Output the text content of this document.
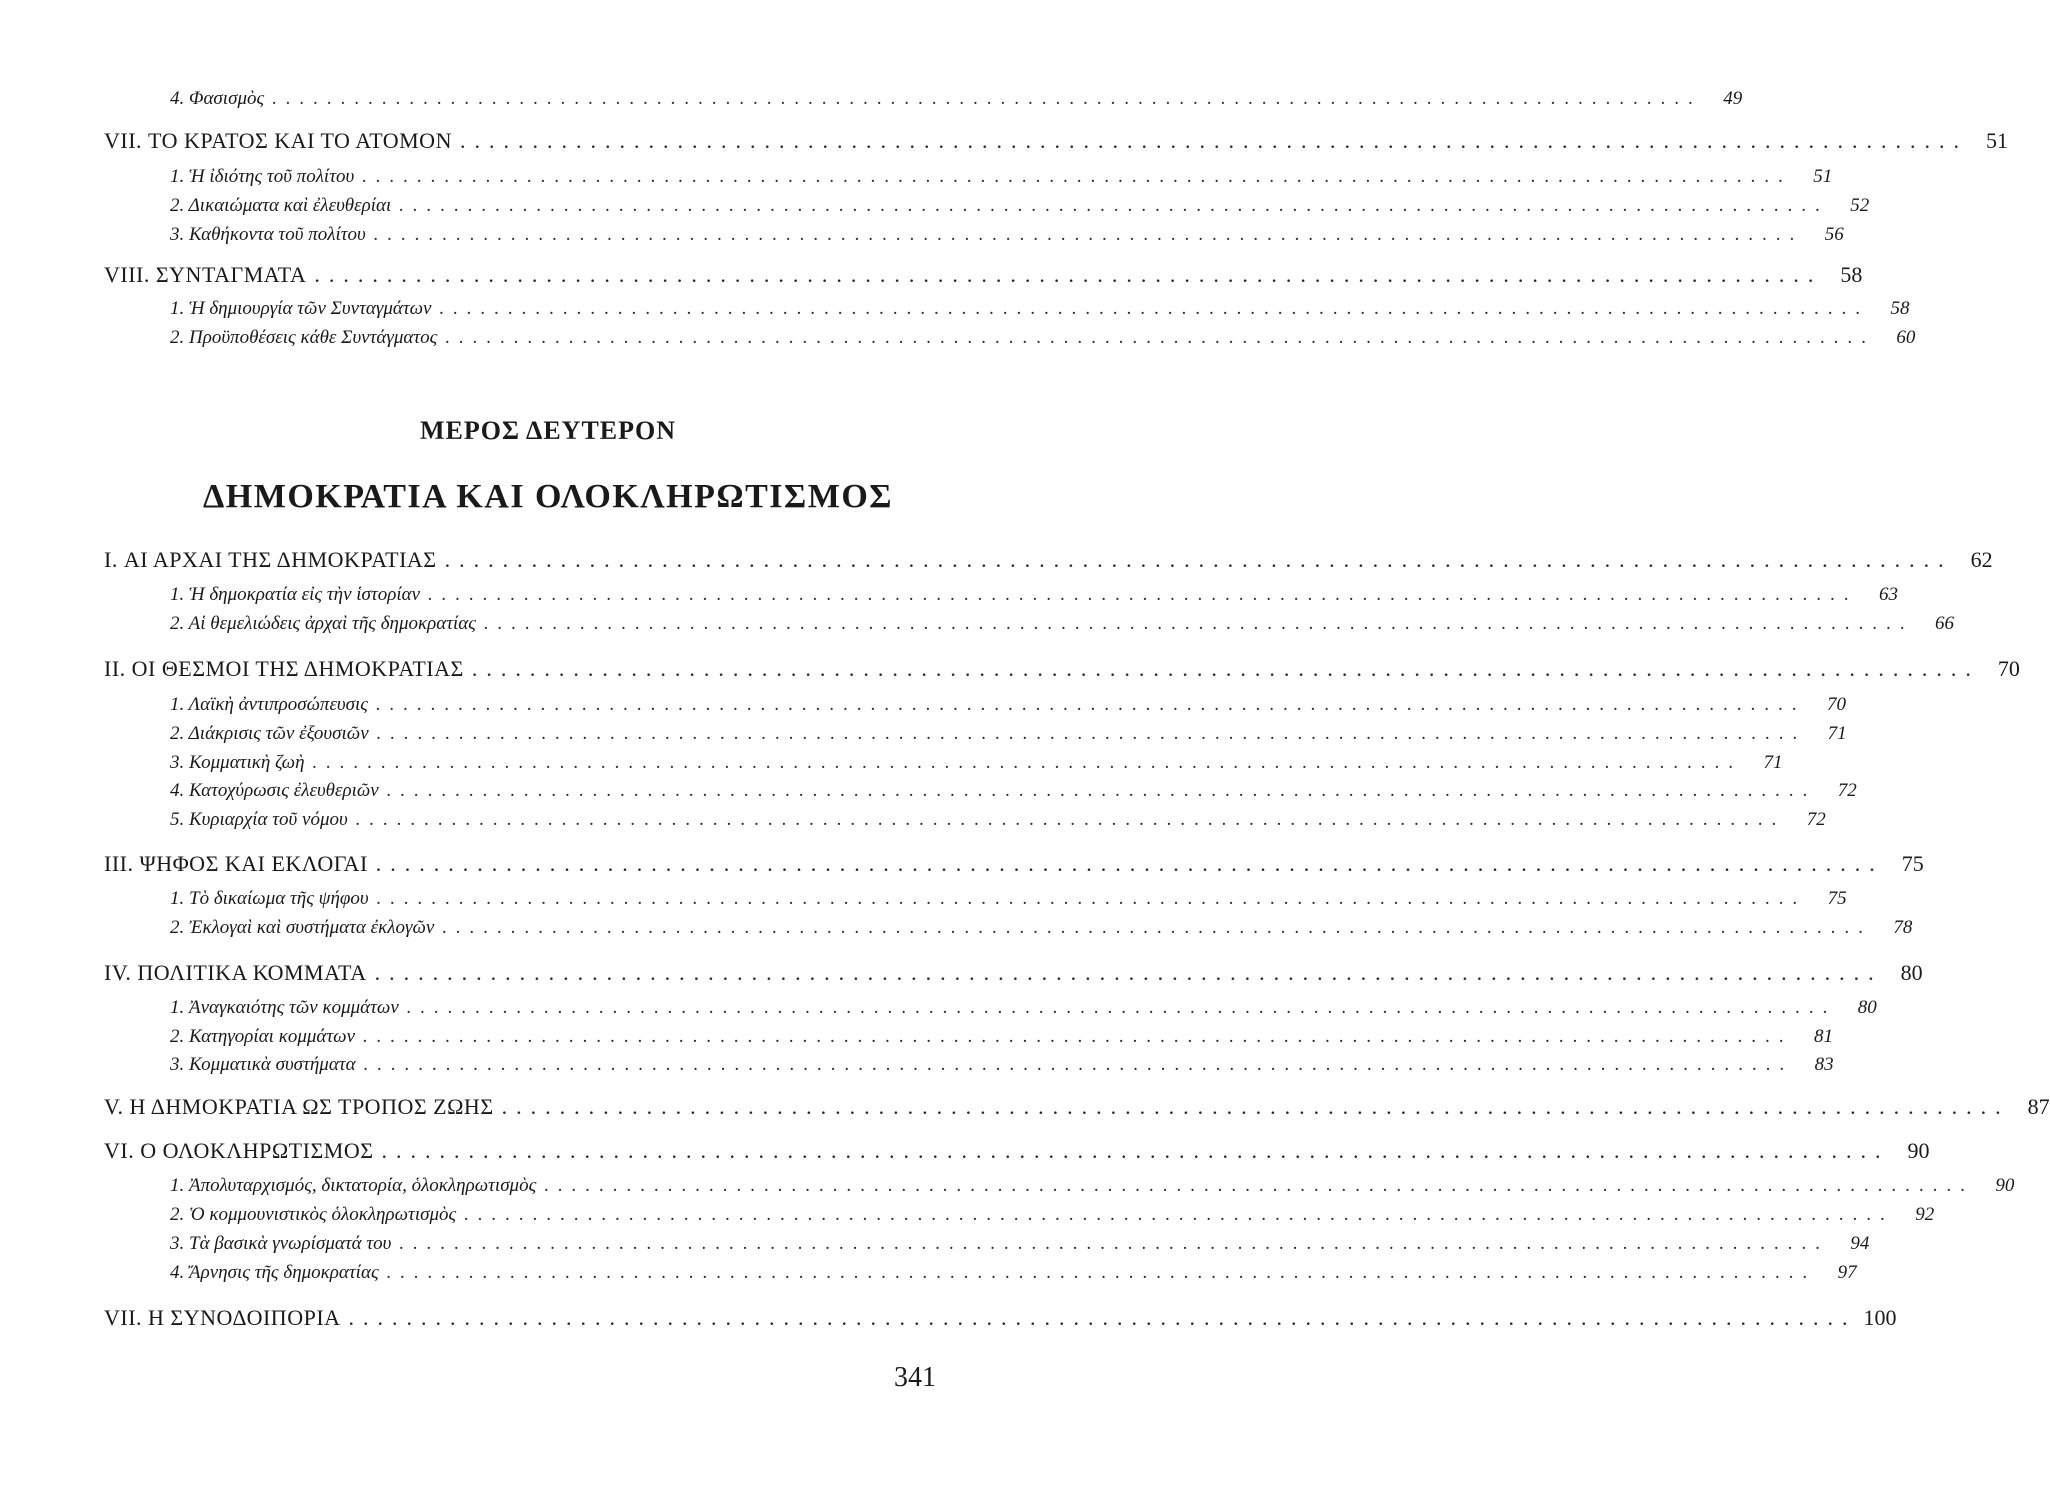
4. Φασισμὸς ........................................................................................................	49
VII. ΤΟ ΚΡΑΤΟΣ ΚΑΙ ΤΟ ΑΤΟΜΟΝ ........................................................................................................ 51
1. Ἡ ἰδιότης τοῦ πολίτου ........................................................................................................	51
2. Δικαιώματα καὶ ἐλευθερίαι ........................................................................................................	52
3. Καθήκοντα τοῦ πολίτου ........................................................................................................	56
VIII. ΣΥΝΤΑΓΜΑΤΑ ........................................................................................................ 58
1. Ἡ δημιουργία τῶν Συνταγμάτων ........................................................................................................	58
2. Προϋποθέσεις κάθε Συντάγματος ........................................................................................................	60
ΜΕΡΟΣ ΔΕΥΤΕΡΟΝ
ΔΗΜΟΚΡΑΤΙΑ ΚΑΙ ΟΛΟΚΛΗΡΩΤΙΣΜΟΣ
I. ΑΙ ΑΡΧΑΙ ΤΗΣ ΔΗΜΟΚΡΑΤΙΑΣ ........................................................................................................ 62
1. Ἡ δημοκρατία εἰς τὴν ἱστορίαν ........................................................................................................	63
2. Αἱ θεμελιώδεις ἀρχαὶ τῆς δημοκρατίας ........................................................................................................	66
II. ΟΙ ΘΕΣΜΟΙ ΤΗΣ ΔΗΜΟΚΡΑΤΙΑΣ ........................................................................................................ 70
1. Λαϊκὴ ἀντιπροσώπευσις ........................................................................................................	70
2. Διάκρισις τῶν ἐξουσιῶν ........................................................................................................	71
3. Κομματικὴ ζωὴ ........................................................................................................	71
4. Κατοχύρωσις ἐλευθεριῶν ........................................................................................................	72
5. Κυριαρχία τοῦ νόμου ........................................................................................................	72
III. ΨΗΦΟΣ ΚΑΙ ΕΚΛΟΓΑΙ ........................................................................................................ 75
1. Τὸ δικαίωμα τῆς ψήφου ........................................................................................................	75
2. Ἐκλογαὶ καὶ συστήματα ἐκλογῶν ........................................................................................................	78
IV. ΠΟΛΙΤΙΚΑ ΚΟΜΜΑΤΑ ........................................................................................................ 80
1. Ἀναγκαιότης τῶν κομμάτων ........................................................................................................	80
2. Κατηγορίαι κομμάτων ........................................................................................................	81
3. Κομματικὰ συστήματα ........................................................................................................	83
V. Η ΔΗΜΟΚΡΑΤΙΑ ΩΣ ΤΡΟΠΟΣ ΖΩΗΣ ........................................................................................................ 87
VI. Ο ΟΛΟΚΛΗΡΩΤΙΣΜΟΣ ........................................................................................................ 90
1. Ἀπολυταρχισμός, δικτατορία, ὁλοκληρωτισμὸς ........................................................................................................	90
2. Ὁ κομμουνιστικὸς ὁλοκληρωτισμὸς ........................................................................................................	92
3. Τὰ βασικὰ γνωρίσματά του ........................................................................................................	94
4. Ἄρνησις τῆς δημοκρατίας ........................................................................................................	97
VII. Η ΣΥΝΟΔΟΙΠΟΡΙΑ ........................................................................................................ 100
341
